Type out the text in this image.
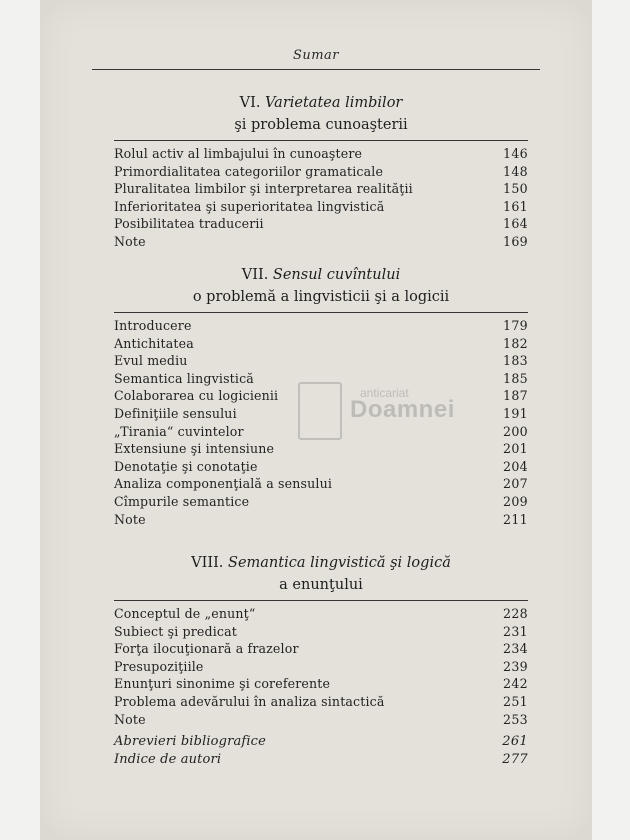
Sumar
VI. Varietatea limbilor
şi problema cunoaşterii
Rolul activ al limbajului în cunoaştere	146
Primordialitatea categoriilor gramaticale	148
Pluralitatea limbilor şi interpretarea realităţii	150
Inferioritatea şi superioritatea lingvistică	161
Posibilitatea traducerii	164
Note	169
VII. Sensul cuvîntului
o problemă a lingvisticii şi a logicii
Introducere	179
Antichitatea	182
Evul mediu	183
Semantica lingvistică	185
Colaborarea cu logicienii	187
Definiţiile sensului	191
„Tirania“ cuvintelor	200
Extensiune şi intensiune	201
Denotaţie şi conotaţie	204
Analiza componenţială a sensului	207
Cîmpurile semantice	209
Note	211
VIII. Semantica lingvistică şi logică
a enunţului
Conceptul de „enunţ“	228
Subiect şi predicat	231
Forţa ilocuţionară a frazelor	234
Presupoziţiile	239
Enunţuri sinonime şi coreferente	242
Problema adevărului în analiza sintactică	251
Note	253
Abrevieri bibliografice	261
Indice de autori	277
anticariat
Doamnei
